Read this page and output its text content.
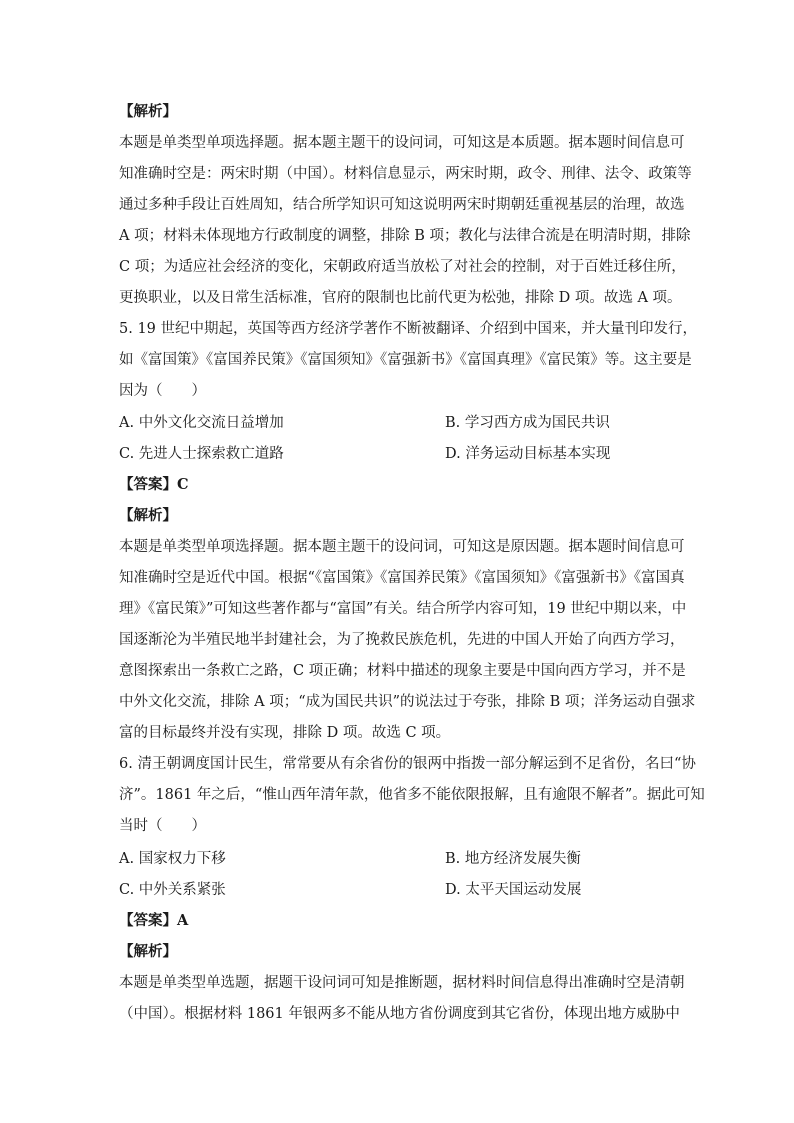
【解析】
本题是单类型单项选择题。据本题主题干的设问词，可知这是本质题。据本题时间信息可
知准确时空是：两宋时期（中国）。材料信息显示，两宋时期，政令、刑律、法令、政策等
通过多种手段让百姓周知，结合所学知识可知这说明两宋时期朝廷重视基层的治理，故选
A 项；材料未体现地方行政制度的调整，排除 B 项；教化与法律合流是在明清时期，排除
C 项；为适应社会经济的变化，宋朝政府适当放松了对社会的控制，对于百姓迁移住所，
更换职业，以及日常生活标准，官府的限制也比前代更为松弛，排除 D 项。故选 A 项。
5. 19 世纪中期起，英国等西方经济学著作不断被翻译、介绍到中国来，并大量刊印发行，
如《富国策》《富国养民策》《富国须知》《富强新书》《富国真理》《富民策》等。这主要是
因为（　　）
A. 中外文化交流日益增加	B. 学习西方成为国民共识
C. 先进人士探索救亡道路	D. 洋务运动目标基本实现
【答案】C
【解析】
本题是单类型单项选择题。据本题主题干的设问词，可知这是原因题。据本题时间信息可
知准确时空是近代中国。根据“《富国策》《富国养民策》《富国须知》《富强新书》《富国真
理》《富民策》”可知这些著作都与“富国”有关。结合所学内容可知，19 世纪中期以来，中
国逐渐沦为半殖民地半封建社会，为了挽救民族危机，先进的中国人开始了向西方学习，
意图探索出一条救亡之路，C 项正确；材料中描述的现象主要是中国向西方学习，并不是
中外文化交流，排除 A 项；“成为国民共识”的说法过于夸张，排除 B 项；洋务运动自强求
富的目标最终并没有实现，排除 D 项。故选 C 项。
6. 清王朝调度国计民生，常常要从有余省份的银两中指拨一部分解运到不足省份，名曰“协
济”。1861 年之后，“惟山西年清年款，他省多不能依限报解，且有逾限不解者”。据此可知
当时（　　）
A. 国家权力下移	B. 地方经济发展失衡
C. 中外关系紧张	D. 太平天国运动发展
【答案】A
【解析】
本题是单类型单选题，据题干设问词可知是推断题，据材料时间信息得出准确时空是清朝
（中国）。根据材料 1861 年银两多不能从地方省份调度到其它省份，体现出地方威胁中
